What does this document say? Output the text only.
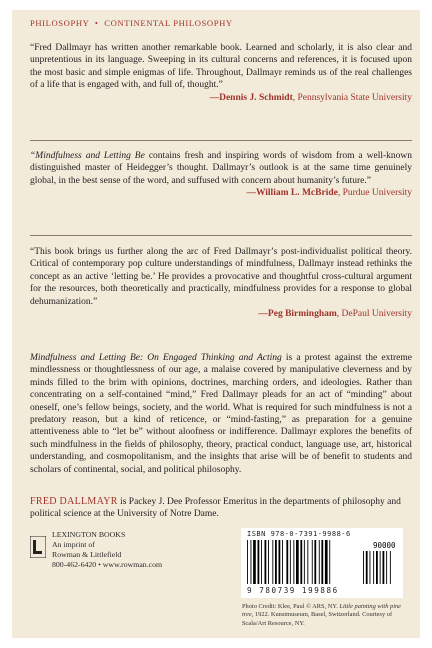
PHILOSOPHY • CONTINENTAL PHILOSOPHY

“Fred Dallmayr has written another remarkable book. Learned and scholarly, it is also clear and unpretentious in its language. Sweeping in its cultural concerns and references, it is focused upon the most basic and simple enigmas of life. Throughout, Dallmayr reminds us of the real challenges of a life that is engaged with, and full of, thought.”

—Dennis J. Schmidt, Pennsylvania State University

“Mindfulness and Letting Be contains fresh and inspiring words of wisdom from a well-known distinguished master of Heidegger’s thought. Dallmayr’s outlook is at the same time genuinely global, in the best sense of the word, and suffused with concern about humanity’s future.”

—William L. McBride, Purdue University

“This book brings us further along the arc of Fred Dallmayr’s post-individualist political theory. Critical of contemporary pop culture understandings of mindfulness, Dallmayr instead rethinks the concept as an active ‘letting be.’ He provides a provocative and thoughtful cross-cultural argument for the resources, both theoretically and practically, mindfulness provides for a response to global dehumanization.”

—Peg Birmingham, DePaul University
Mindfulness and Letting Be: On Engaged Thinking and Acting is a protest against the extreme mindlessness or thoughtlessness of our age, a malaise covered by manipulative cleverness and by minds filled to the brim with opinions, doctrines, marching orders, and ideologies. Rather than concentrating on a self-contained “mind,” Fred Dallmayr pleads for an act of “minding” about oneself, one’s fellow beings, society, and the world. What is required for such mindfulness is not a predatory reason, but a kind of reticence, or “mind-fasting,” as preparation for a genuine attentiveness able to “let be” without aloofness or indifference. Dallmayr explores the benefits of such mindfulness in the fields of philosophy, theory, practical conduct, language use, art, historical understanding, and cosmopolitanism, and the insights that arise will be of benefit to students and scholars of continental, social, and political philosophy.
FRED DALLMAYR is Packey J. Dee Professor Emeritus in the departments of philosophy and political science at the University of Notre Dame.
LEXINGTON BOOKS
An imprint of
Rowman & Littlefield
800-462-6420 • www.rowman.com
ISBN 978-0-7391-9988-6
90000
9 780739 199886
Photo Credit: Klee, Paul © ARS, NY. Little painting with pine tree, 1922. Kunstmuseum, Basel, Switzerland. Courtesy of Scala/Art Resource, NY.
